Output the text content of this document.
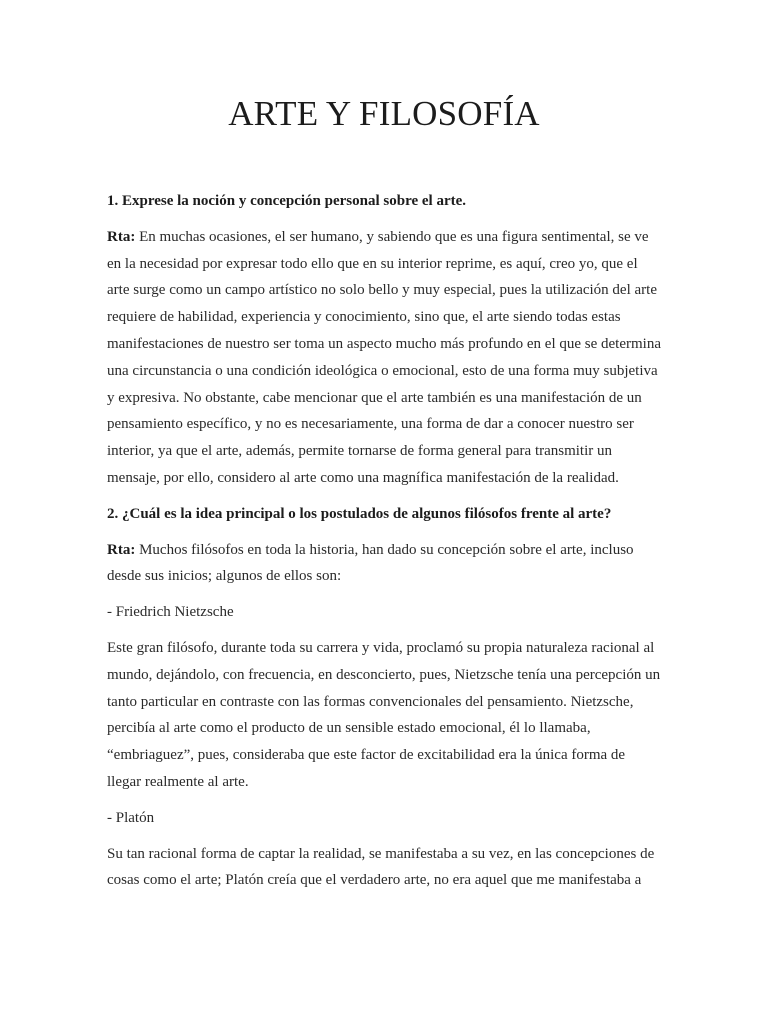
ARTE Y FILOSOFÍA

1. Exprese la noción y concepción personal sobre el arte.

Rta: En muchas ocasiones, el ser humano, y sabiendo que es una figura sentimental, se ve en la necesidad por expresar todo ello que en su interior reprime, es aquí, creo yo, que el arte surge como un campo artístico no solo bello y muy especial, pues la utilización del arte requiere de habilidad, experiencia y conocimiento, sino que, el arte siendo todas estas manifestaciones de nuestro ser toma un aspecto mucho más profundo en el que se determina una circunstancia o una condición ideológica o emocional, esto de una forma muy subjetiva y expresiva. No obstante, cabe mencionar que el arte también es una manifestación de un pensamiento específico, y no es necesariamente, una forma de dar a conocer nuestro ser interior, ya que el arte, además, permite tornarse de forma general para transmitir un mensaje, por ello, considero al arte como una magnífica manifestación de la realidad.

2. ¿Cuál es la idea principal o los postulados de algunos filósofos frente al arte?

Rta: Muchos filósofos en toda la historia, han dado su concepción sobre el arte, incluso desde sus inicios; algunos de ellos son:

- Friedrich Nietzsche

Este gran filósofo, durante toda su carrera y vida, proclamó su propia naturaleza racional al mundo, dejándolo, con frecuencia, en desconcierto, pues, Nietzsche tenía una percepción un tanto particular en contraste con las formas convencionales del pensamiento. Nietzsche, percibía al arte como el producto de un sensible estado emocional, él lo llamaba, “embriaguez”, pues, consideraba que este factor de excitabilidad era la única forma de llegar realmente al arte.

- Platón

Su tan racional forma de captar la realidad, se manifestaba a su vez, en las concepciones de cosas como el arte; Platón creía que el verdadero arte, no era aquel que me manifestaba a
